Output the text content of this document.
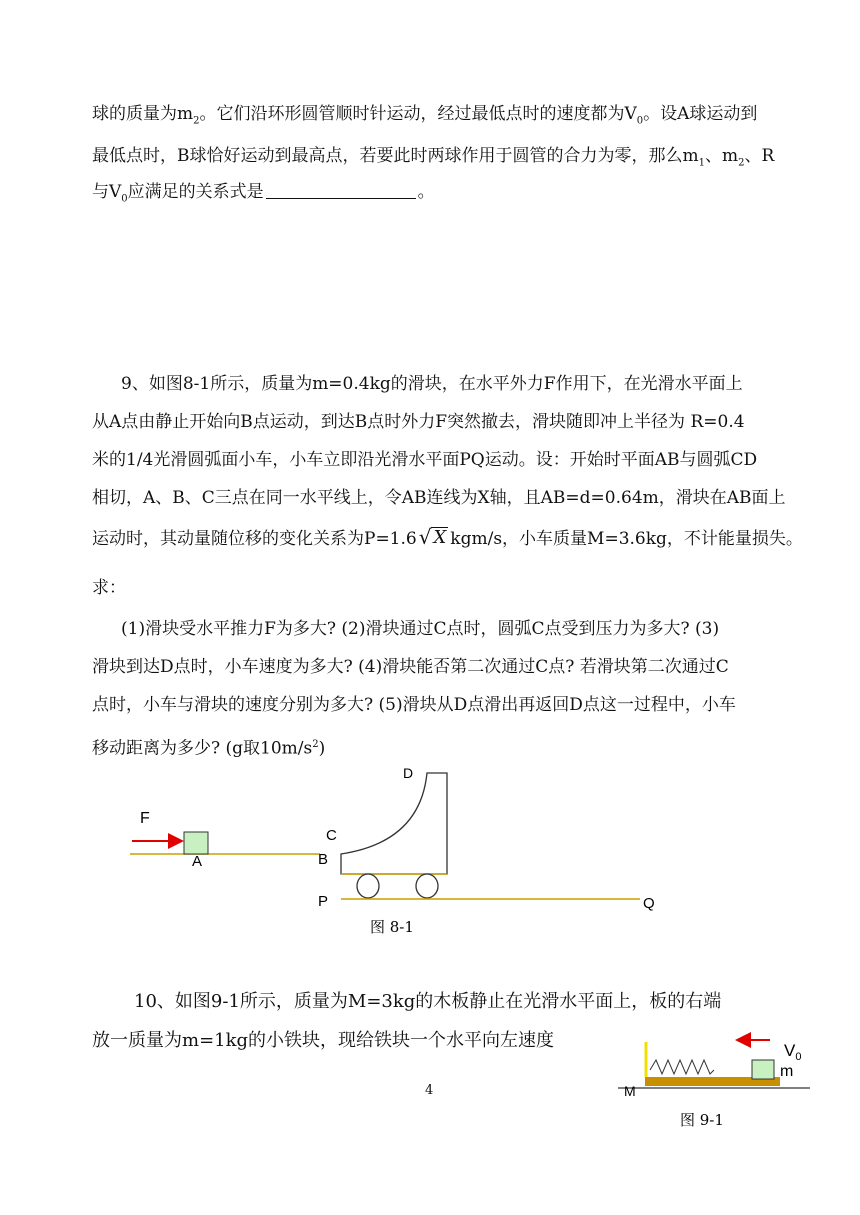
球的质量为$m_2$。它们沿环形圆管顺时针运动，经过最低点时的速度都为$V_0$。设A球运动到
最低点时，B球恰好运动到最高点，若要此时两球作用于圆管的合力为零，那么$m_1$、$m_2$、R
与$V_0$应满足的关系式是	。
9、如图8-1所示，质量为m=0.4kg的滑块，在水平外力F作用下，在光滑水平面上
从A点由静止开始向B点运动，到达B点时外力F突然撤去，滑块随即冲上半径为 R=0.4
米的1/4光滑圆弧面小车，小车立即沿光滑水平面PQ运动。设：开始时平面AB与圆弧CD
相切，A、B、C三点在同一水平线上，令AB连线为X轴，且AB=d=0.64m，滑块在AB面上
运动时，其动量随位移的变化关系为P=1.6 √ X kgm/s，小车质量M=3.6kg，不计能量损失。
求：
(1)滑块受水平推力F为多大? (2)滑块通过C点时，圆弧C点受到压力为多大? (3)
滑块到达D点时，小车速度为多大? (4)滑块能否第二次通过C点? 若滑块第二次通过C
点时，小车与滑块的速度分别为多大? (5)滑块从D点滑出再返回D点这一过程中，小车
移动距离为多少? (g取$10m/s^2$)
F
A	B
C
D
P	Q
图 8-1
10、如图9-1所示，质量为M=3kg的木板静止在光滑水平面上，板的右端
放一质量为m=1kg的小铁块，现给铁块一个水平向左速度	$V_0$
m
M
图 9-1
4
